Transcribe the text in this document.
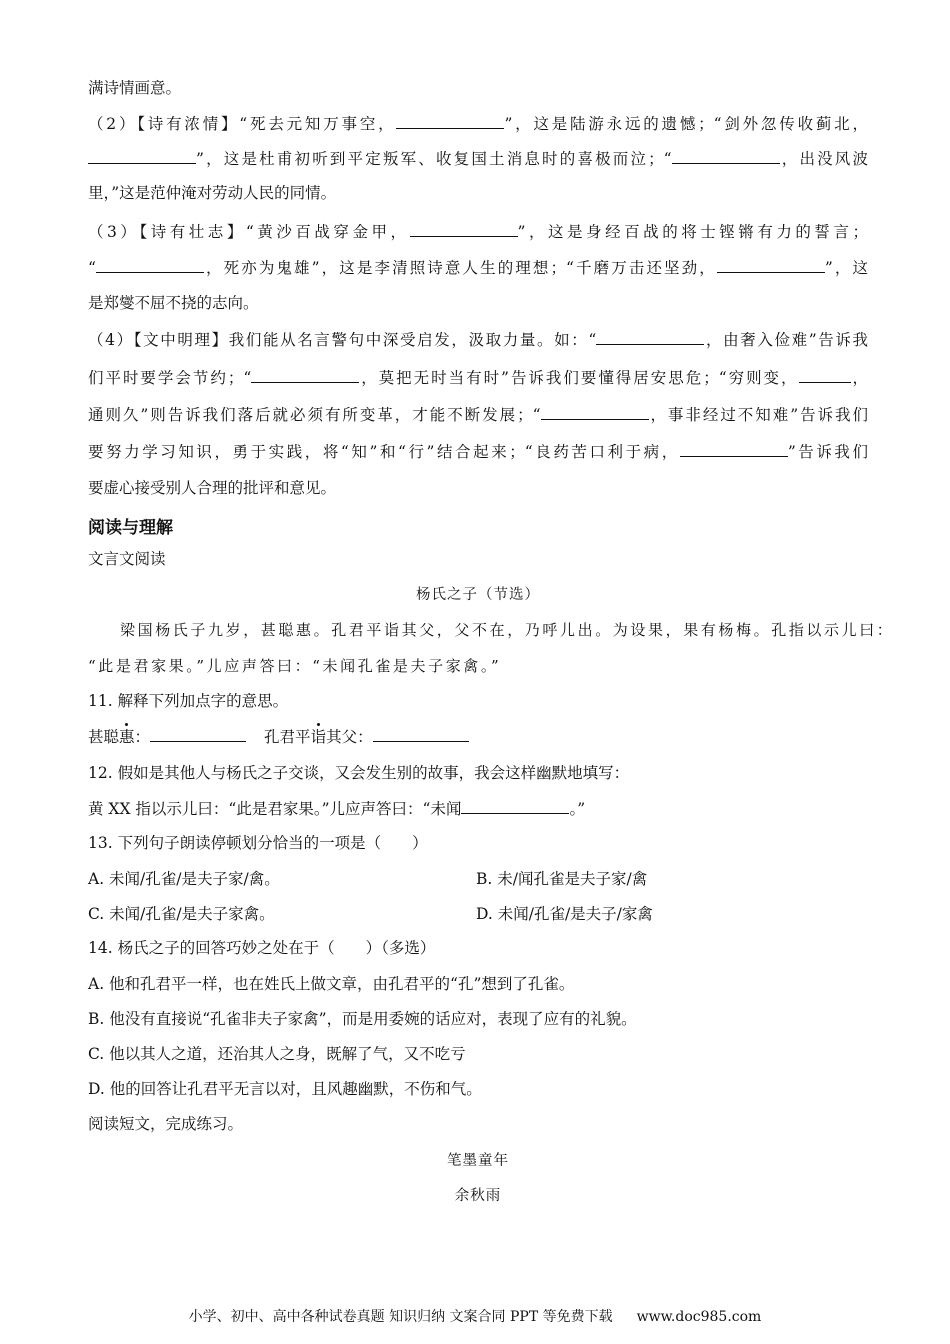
满诗情画意。
（2）【诗有浓情】“死去元知万事空，	”，这是陆游永远的遗憾；“剑外忽传收蓟北，
”，这是杜甫初听到平定叛军、收复国土消息时的喜极而泣；“	，出没风波
里，”这是范仲淹对劳动人民的同情。
（3）【诗有壮志】“黄沙百战穿金甲，	”，这是身经百战的将士铿锵有力的誓言；
“	，死亦为鬼雄”，这是李清照诗意人生的理想；“千磨万击还坚劲，	”，这
是郑燮不屈不挠的志向。
（4）【文中明理】我们能从名言警句中深受启发，汲取力量。如：“	，由奢入俭难”告诉我
们平时要学会节约；“	，莫把无时当有时”告诉我们要懂得居安思危；“穷则变，	，
通则久”则告诉我们落后就必须有所变革，才能不断发展；“	，事非经过不知难”告诉我们
要努力学习知识，勇于实践，将“知”和“行”结合起来；“良药苦口利于病，	”告诉我们
要虚心接受别人合理的批评和意见。
阅读与理解
文言文阅读
杨氏之子（节选）
梁国杨氏子九岁，甚聪惠。孔君平诣其父，父不在，乃呼儿出。为设果，果有杨梅。孔指以示儿曰：
“此是君家果。”儿应声答曰：“未闻孔雀是夫子家禽。”
11. 解释下列加点字的意思。
甚聪惠：	孔君平诣其父：
12. 假如是其他人与杨氏之子交谈，又会发生别的故事，我会这样幽默地填写：
黄 XX 指以示儿曰：“此是君家果。”儿应声答曰：“未闻	。”
13. 下列句子朗读停顿划分恰当的一项是（　　）
A. 未闻/孔雀/是夫子家/禽。	B. 未/闻孔雀是夫子家/禽
C. 未闻/孔雀/是夫子家禽。	D. 未闻/孔雀/是夫子/家禽
14. 杨氏之子的回答巧妙之处在于（　　）（多选）
A. 他和孔君平一样，也在姓氏上做文章，由孔君平的“孔”想到了孔雀。
B. 他没有直接说“孔雀非夫子家禽”，而是用委婉的话应对，表现了应有的礼貌。
C. 他以其人之道，还治其人之身，既解了气，又不吃亏
D. 他的回答让孔君平无言以对，且风趣幽默，不伤和气。
阅读短文，完成练习。
笔墨童年
余秋雨
小学、初中、高中各种试卷真题 知识归纳 文案合同 PPT 等免费下载 www.doc985.com
